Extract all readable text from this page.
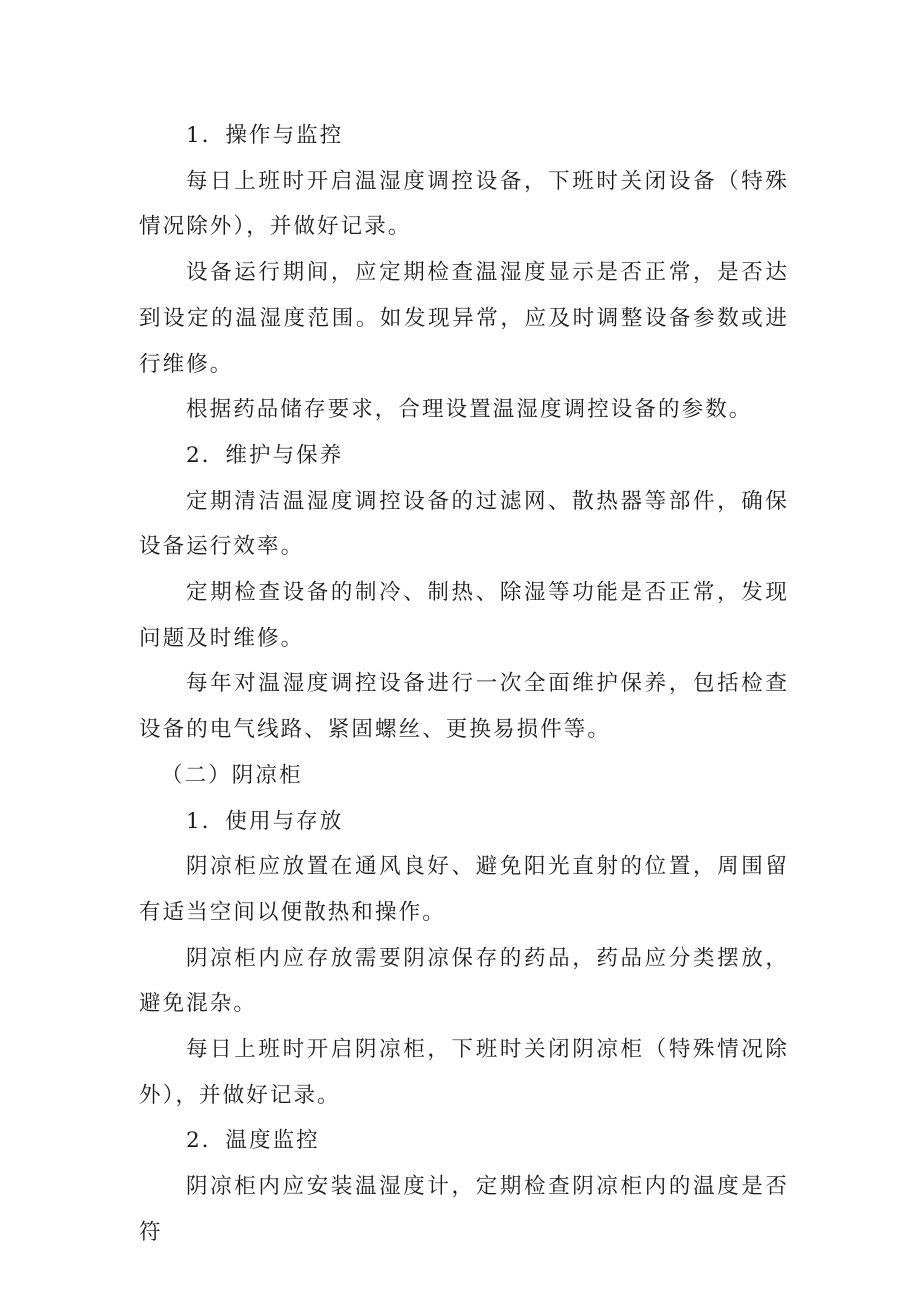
1．操作与监控

每日上班时开启温湿度调控设备，下班时关闭设备（特殊情况除外），并做好记录。

设备运行期间，应定期检查温湿度显示是否正常，是否达到设定的温湿度范围。如发现异常，应及时调整设备参数或进行维修。

根据药品储存要求，合理设置温湿度调控设备的参数。

2．维护与保养

定期清洁温湿度调控设备的过滤网、散热器等部件，确保设备运行效率。

定期检查设备的制冷、制热、除湿等功能是否正常，发现问题及时维修。

每年对温湿度调控设备进行一次全面维护保养，包括检查设备的电气线路、紧固螺丝、更换易损件等。

（二）阴凉柜

1．使用与存放

阴凉柜应放置在通风良好、避免阳光直射的位置，周围留有适当空间以便散热和操作。

阴凉柜内应存放需要阴凉保存的药品，药品应分类摆放，避免混杂。

每日上班时开启阴凉柜，下班时关闭阴凉柜（特殊情况除外），并做好记录。

2．温度监控

阴凉柜内应安装温湿度计，定期检查阴凉柜内的温度是否符
